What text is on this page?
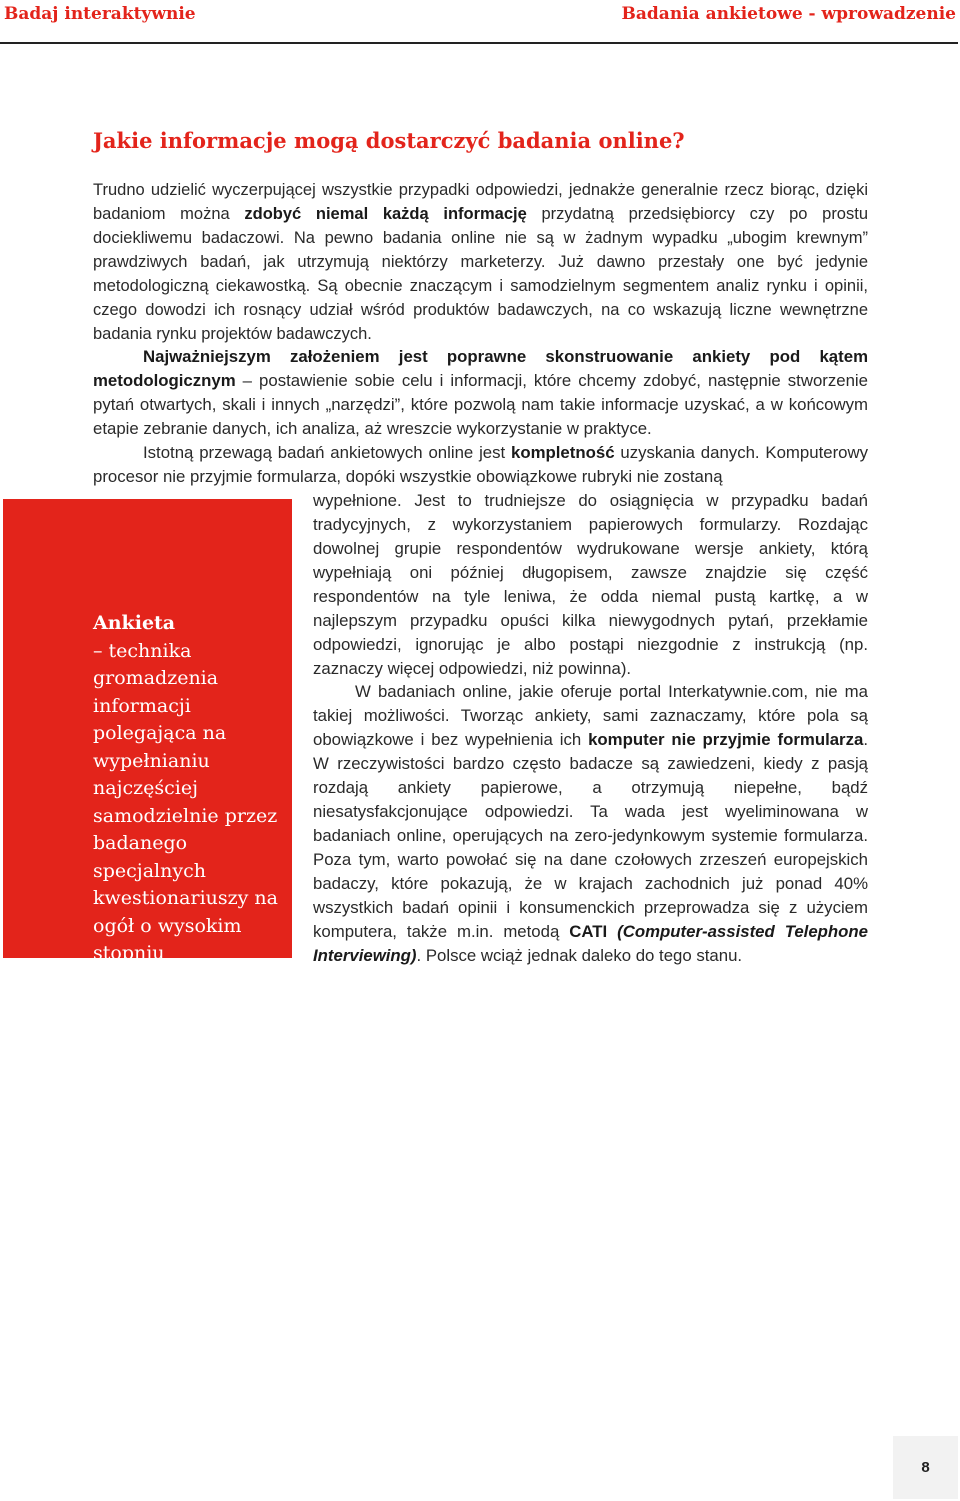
Badaj interaktywnie	Badania ankietowe - wprowadzenie
Jakie informacje mogą dostarczyć badania online?

Trudno udzielić wyczerpującej wszystkie przypadki odpowiedzi, jednakże generalnie rzecz biorąc, dzięki badaniom można zdobyć niemal każdą informację przydatną przedsiębiorcy czy po prostu dociekliwemu badaczowi. Na pewno badania online nie są w żadnym wypadku „ubogim krewnym” prawdziwych badań, jak utrzymują niektórzy marketerzy. Już dawno przestały one być jedynie metodologiczną ciekawostką. Są obecnie znaczącym i samodzielnym segmentem analiz rynku i opinii, czego dowodzi ich rosnący udział wśród produktów badawczych, na co wskazują liczne wewnętrzne badania rynku projektów badawczych.

Najważniejszym założeniem jest poprawne skonstruowanie ankiety pod kątem metodologicznym – postawienie sobie celu i informacji, które chcemy zdobyć, następnie stworzenie pytań otwartych, skali i innych „narzędzi”, które pozwolą nam takie informacje uzyskać, a w końcowym etapie zebranie danych, ich analiza, aż wreszcie wykorzystanie w praktyce.

Istotną przewagą badań ankietowych online jest kompletność uzyskania danych. Komputerowy procesor nie przyjmie formularza, dopóki wszystkie obowiązkowe rubryki nie zostaną

wypełnione. Jest to trudniejsze do osiągnięcia w przypadku badań tradycyjnych, z wykorzystaniem papierowych formularzy. Rozdając dowolnej grupie respondentów wydrukowane wersje ankiety, którą wypełniają oni później długopisem, zawsze znajdzie się część respondentów na tyle leniwa, że odda niemal pustą kartkę, a w najlepszym przypadku opuści kilka niewygodnych pytań, przekłamie odpowiedzi, ignorując je albo postąpi niezgodnie z instrukcją (np. zaznaczy więcej odpowiedzi, niż powinna).

W badaniach online, jakie oferuje portal Interkatywnie.com, nie ma takiej możliwości. Tworząc ankiety, sami zaznaczamy, które pola są obowiązkowe i bez wypełnienia ich komputer nie przyjmie formularza. W rzeczywistości bardzo często badacze są zawiedzeni, kiedy z pasją rozdają ankiety papierowe, a otrzymują niepełne, bądź niesatysfakcjonujące odpowiedzi. Ta wada jest wyeliminowana w badaniach online, operujących na zero-jedynkowym systemie formularza. Poza tym, warto powołać się na dane czołowych zrzeszeń europejskich badaczy, które pokazują, że w krajach zachodnich już ponad 40% wszystkich badań opinii i konsumenckich przeprowadza się z użyciem komputera, także m.in. metodą CATI (Computer-assisted Telephone Interviewing). Polsce wciąż jednak daleko do tego stanu.

Ankieta
– technika gromadzenia informacji polegająca na wypełnianiu najczęściej samodzielnie przez badanego specjalnych kwestionariuszy na ogół o wysokim stopniu standaryzacji; T. Pilch
8
